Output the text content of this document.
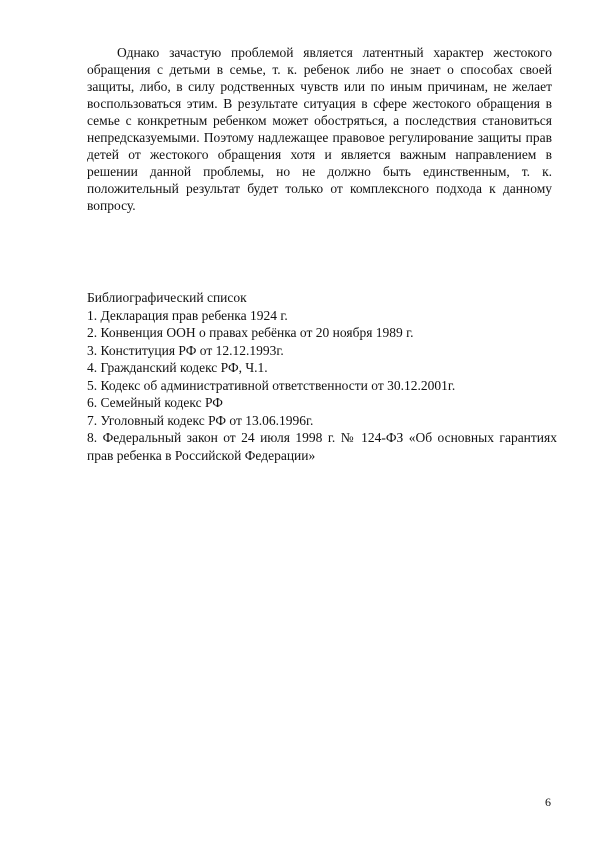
Однако зачастую проблемой является латентный характер жестокого обращения с детьми в семье, т. к. ребенок либо не знает о способах своей защиты, либо, в силу родственных чувств или по иным причинам, не желает воспользоваться этим. В результате ситуация в сфере жестокого обращения в семье с конкретным ребенком может обостряться, а последствия становиться непредсказуемыми. Поэтому надлежащее правовое регулирование защиты прав детей от жестокого обращения хотя и является важным направлением в решении данной проблемы, но не должно быть единственным, т. к. положительный результат будет только от комплексного подхода к данному вопросу.

Библиографический список

1. Декларация прав ребенка 1924 г.
2. Конвенция ООН о правах ребёнка от 20 ноября 1989 г.
3. Конституция РФ от 12.12.1993г.
4. Гражданский кодекс РФ, Ч.1.
5. Кодекс об административной ответственности от 30.12.2001г.
6. Семейный кодекс РФ
7. Уголовный кодекс РФ от 13.06.1996г.
8. Федеральный закон от 24 июля 1998 г. № 124-ФЗ «Об основных гарантиях прав ребенка в Российской Федерации»
6
